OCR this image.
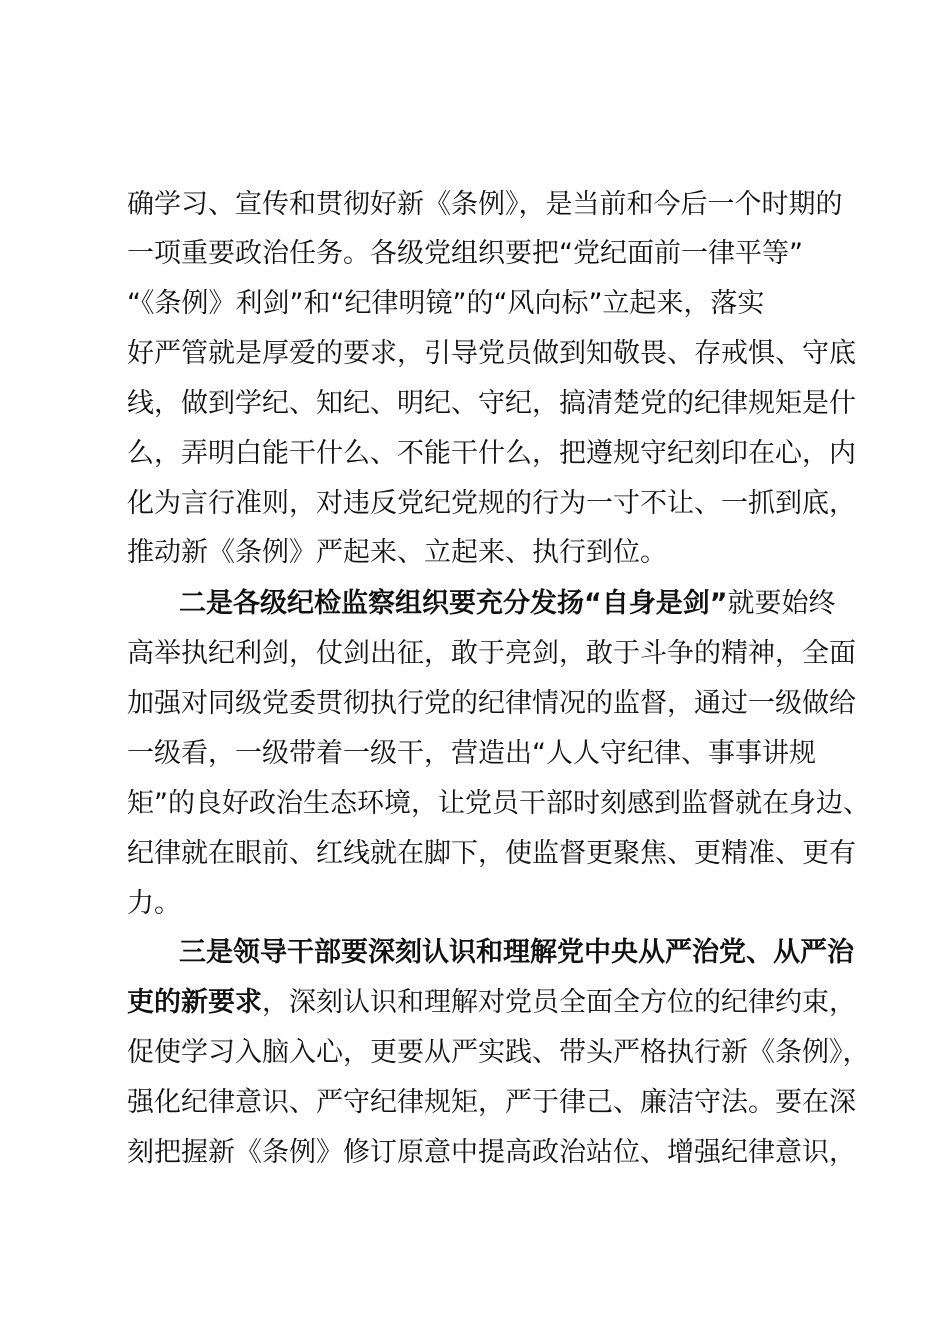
确学习、宣传和贯彻好新《条例》，是当前和今后一个时期的
一项重要政治任务。各级党组织要把“党纪面前一律平等”
“《条例》利剑”和“纪律明镜”的“风向标”立起来，落实
好严管就是厚爱的要求，引导党员做到知敬畏、存戒惧、守底
线，做到学纪、知纪、明纪、守纪，搞清楚党的纪律规矩是什
么，弄明白能干什么、不能干什么，把遵规守纪刻印在心，内
化为言行准则，对违反党纪党规的行为一寸不让、一抓到底，
推动新《条例》严起来、立起来、执行到位。
二是各级纪检监察组织要充分发扬“自身是剑”就要始终
高举执纪利剑，仗剑出征，敢于亮剑，敢于斗争的精神，全面
加强对同级党委贯彻执行党的纪律情况的监督，通过一级做给
一级看，一级带着一级干，营造出“人人守纪律、事事讲规
矩”的良好政治生态环境，让党员干部时刻感到监督就在身边、
纪律就在眼前、红线就在脚下，使监督更聚焦、更精准、更有
力。
三是领导干部要深刻认识和理解党中央从严治党、从严治
吏的新要求，深刻认识和理解对党员全面全方位的纪律约束，
促使学习入脑入心，更要从严实践、带头严格执行新《条例》，
强化纪律意识、严守纪律规矩，严于律己、廉洁守法。要在深
刻把握新《条例》修订原意中提高政治站位、增强纪律意识，
